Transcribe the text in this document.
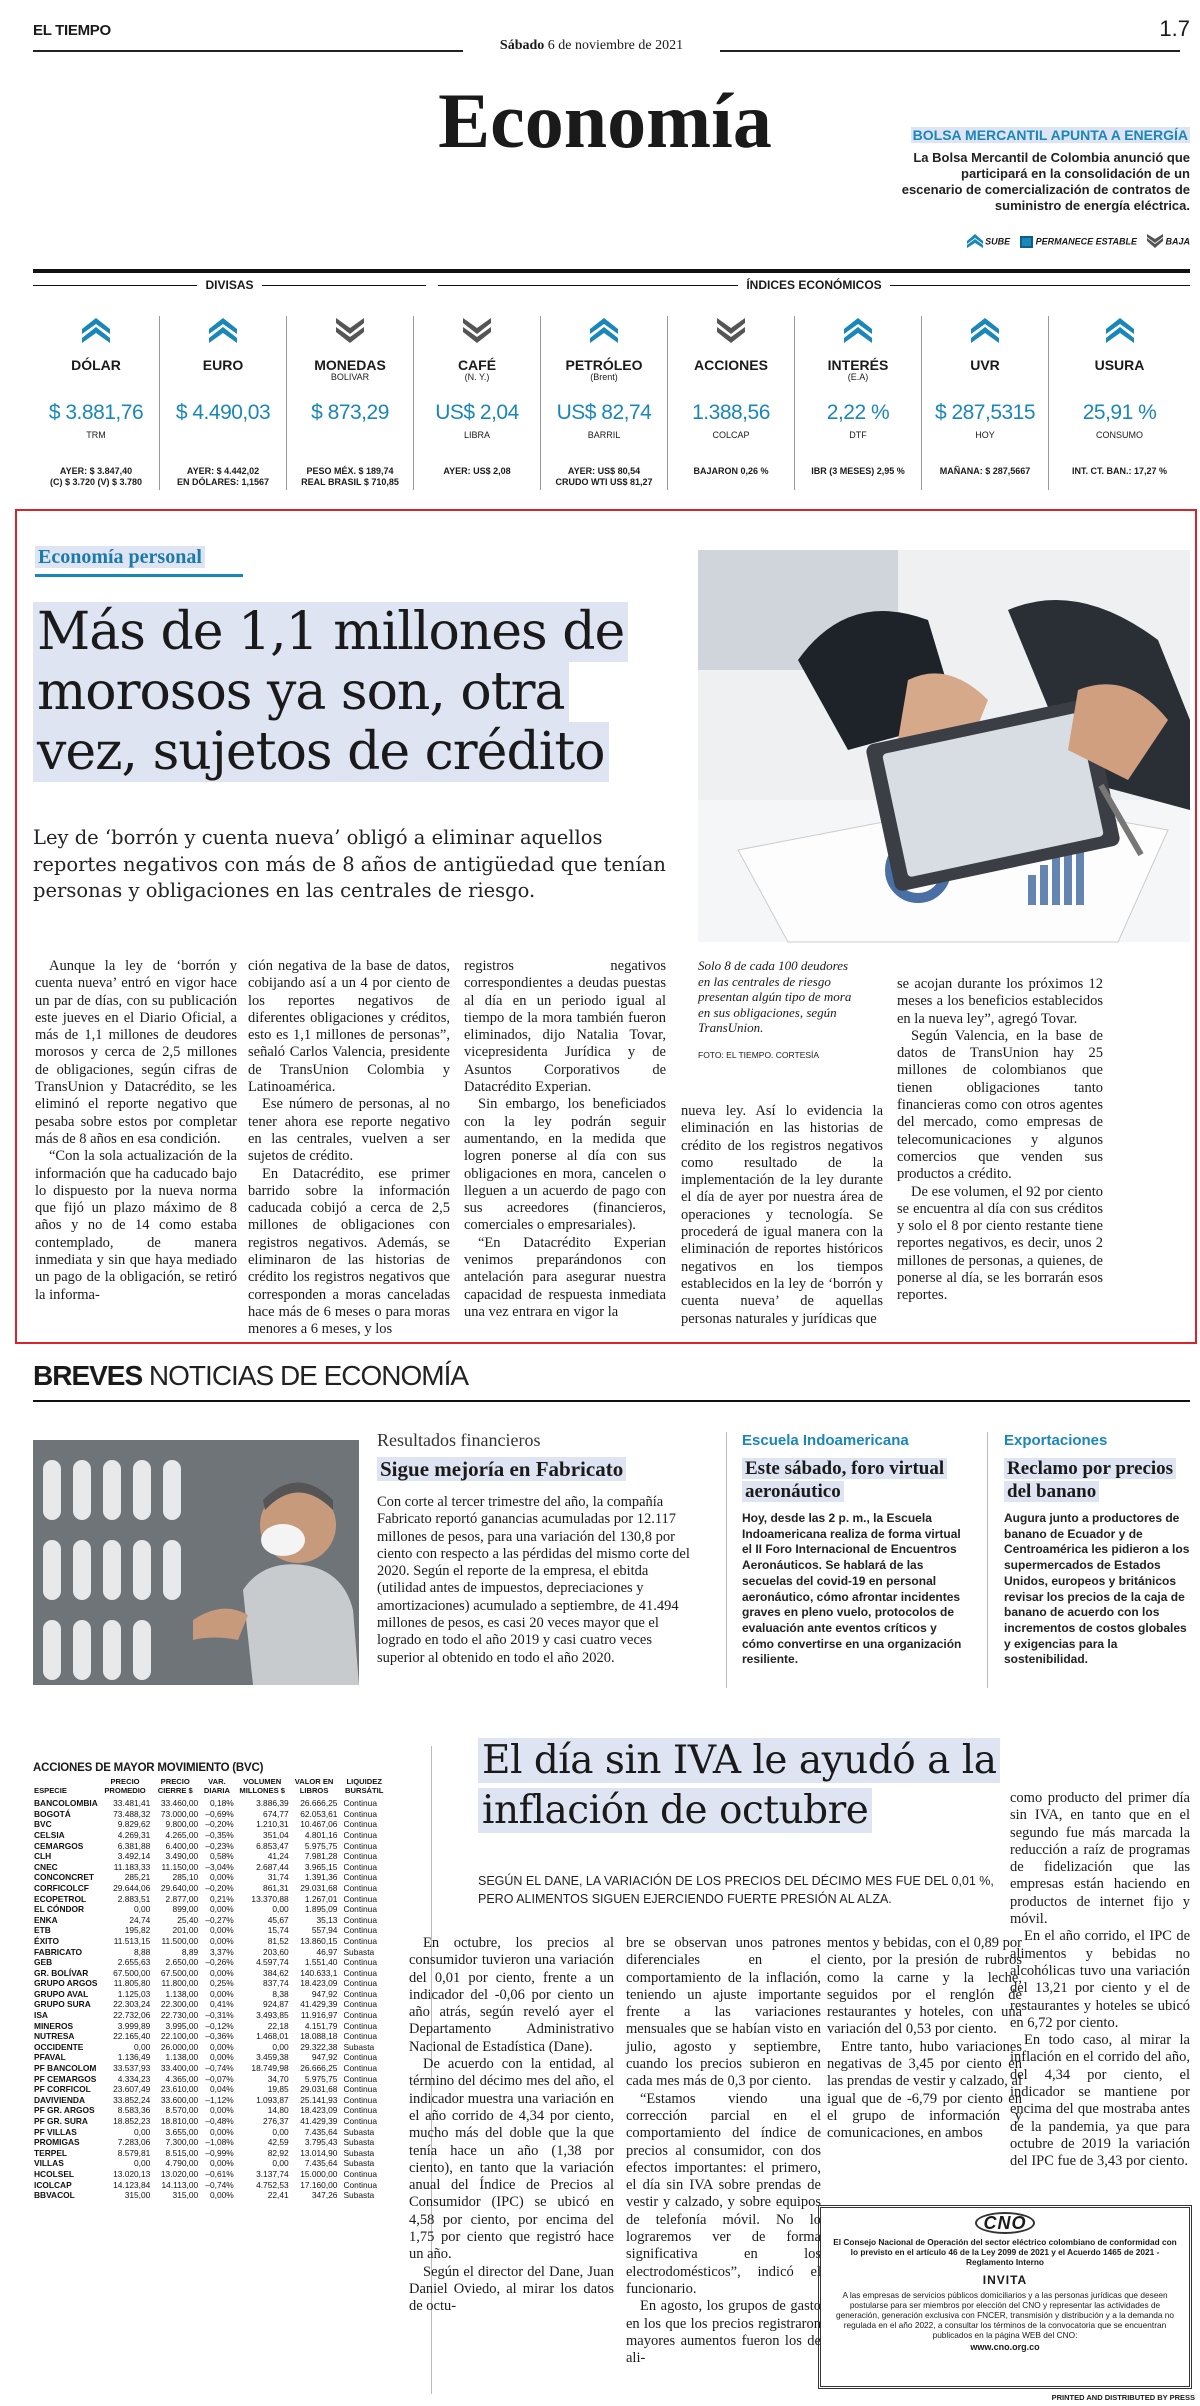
EL TIEMPO
Sábado 6 de noviembre de 2021
1.7
Economía	BOLSA MERCANTIL APUNTA A ENERGÍA
La Bolsa Mercantil de Colombia anunció que participará en la consolidación de un escenario de comercialización de contratos de suministro de energía eléctrica.
SUBE	PERMANECE ESTABLE	BAJA
DIVISAS	ÍNDICES ECONÓMICOS
DÓLAR
$ 3.881,76
TRM
AYER: $ 3.847,40
(C) $ 3.720 (V) $ 3.780
EURO
$ 4.490,03
AYER: $ 4.442,02
EN DÓLARES: 1,1567
MONEDAS
BOLIVAR
$ 873,29
PESO MÉX. $ 189,74
REAL BRASIL $ 710,85
CAFÉ
(N. Y.)
US$ 2,04
LIBRA
AYER: US$ 2,08
PETRÓLEO
(Brent)
US$ 82,74
BARRIL
AYER: US$ 80,54
CRUDO WTI US$ 81,27
ACCIONES
1.388,56
COLCAP
BAJARON 0,26 %
INTERÉS
(E.A)
2,22 %
DTF
IBR (3 MESES) 2,95 %
UVR
$ 287,5315
HOY
MAÑANA: $ 287,5667
USURA
25,91 %
CONSUMO
INT. CT. BAN.: 17,27 %
Economía personal
Más de 1,1 millones de morosos ya son, otra vez, sujetos de crédito
Ley de ‘borrón y cuenta nueva’ obligó a eliminar aquellos reportes negativos con más de 8 años de antigüedad que tenían personas y obligaciones en las centrales de riesgo.
Solo 8 de cada 100 deudores en las centrales de riesgo presentan algún tipo de mora en sus obligaciones, según TransUnion.
FOTO: EL TIEMPO. CORTESÍA

Aunque la ley de ‘borrón y cuenta nueva’ entró en vigor hace un par de días, con su publicación este jueves en el Diario Oficial, a más de 1,1 millones de deudores morosos y cerca de 2,5 millones de obligaciones, según cifras de TransUnion y Datacrédito, se les eliminó el reporte negativo que pesaba sobre estos por completar más de 8 años en esa condición.

“Con la sola actualización de la información que ha caducado bajo lo dispuesto por la nueva norma que fijó un plazo máximo de 8 años y no de 14 como estaba contemplado, de manera inmediata y sin que haya mediado un pago de la obligación, se retiró la informa-

ción negativa de la base de datos, cobijando así a un 4 por ciento de los reportes negativos de diferentes obligaciones y créditos, esto es 1,1 millones de personas”, señaló Carlos Valencia, presidente de TransUnion Colombia y Latinoamérica.

Ese número de personas, al no tener ahora ese reporte negativo en las centrales, vuelven a ser sujetos de crédito.

En Datacrédito, ese primer barrido sobre la información caducada cobijó a cerca de 2,5 millones de obligaciones con registros negativos. Además, se eliminaron de las historias de crédito los registros negativos que corresponden a moras canceladas hace más de 6 meses o para moras menores a 6 meses, y los

registros negativos correspondientes a deudas puestas al día en un periodo igual al tiempo de la mora también fueron eliminados, dijo Natalia Tovar, vicepresidenta Jurídica y de Asuntos Corporativos de Datacrédito Experian.

Sin embargo, los beneficiados con la ley podrán seguir aumentando, en la medida que logren ponerse al día con sus obligaciones en mora, cancelen o lleguen a un acuerdo de pago con sus acreedores (financieros, comerciales o empresariales).

“En Datacrédito Experian venimos preparándonos con antelación para asegurar nuestra capacidad de respuesta inmediata una vez entrara en vigor la

nueva ley. Así lo evidencia la eliminación en las historias de crédito de los registros negativos como resultado de la implementación de la ley durante el día de ayer por nuestra área de operaciones y tecnología. Se procederá de igual manera con la eliminación de reportes históricos negativos en los tiempos establecidos en la ley de ‘borrón y cuenta nueva’ de aquellas personas naturales y jurídicas que

se acojan durante los próximos 12 meses a los beneficios establecidos en la nueva ley”, agregó Tovar.

Según Valencia, en la base de datos de TransUnion hay 25 millones de colombianos que tienen obligaciones tanto financieras como con otros agentes del mercado, como empresas de telecomunicaciones y algunos comercios que venden sus productos a crédito.

De ese volumen, el 92 por ciento se encuentra al día con sus créditos y solo el 8 por ciento restante tiene reportes negativos, es decir, unos 2 millones de personas, a quienes, de ponerse al día, se les borrarán esos reportes.

BREVES NOTICIAS DE ECONOMÍA
Resultados financieros
Sigue mejoría en Fabricato
Con corte al tercer trimestre del año, la compañía Fabricato reportó ganancias acumuladas por 12.117 millones de pesos, para una variación del 130,8 por ciento con respecto a las pérdidas del mismo corte del 2020. Según el reporte de la empresa, el ebitda (utilidad antes de impuestos, depreciaciones y amortizaciones) acumulado a septiembre, de 41.494 millones de pesos, es casi 20 veces mayor que el logrado en todo el año 2019 y casi cuatro veces superior al obtenido en todo el año 2020.
Escuela Indoamericana
Este sábado, foro virtual aeronáutico
Hoy, desde las 2 p. m., la Escuela Indoamericana realiza de forma virtual el II Foro Internacional de Encuentros Aeronáuticos. Se hablará de las secuelas del covid-19 en personal aeronáutico, cómo afrontar incidentes graves en pleno vuelo, protocolos de evaluación ante eventos críticos y cómo convertirse en una organización resiliente.
Exportaciones
Reclamo por precios del banano
Augura junto a productores de banano de Ecuador y de Centroamérica les pidieron a los supermercados de Estados Unidos, europeos y británicos revisar los precios de la caja de banano de acuerdo con los incrementos de costos globales y exigencias para la sostenibilidad.
ACCIONES DE MAYOR MOVIMIENTO (BVC)
ESPECIE	PRECIO PROMEDIO	PRECIO CIERRE $	VAR. DIARIA	VOLUMEN MILLONES $	VALOR EN LIBROS	LIQUIDEZ BURSÁTIL
BANCOLOMBIA	33.481,41	33.460,00	0,18%	3.886,39	26.666,25	Continua
BOGOTÁ	73.488,32	73.000,00	–0,69%	674,77	62.053,61	Continua
BVC	9.829,62	9.800,00	–0,20%	1.210,31	10.467,06	Continua
CELSIA	4.269,31	4.265,00	–0,35%	351,04	4.801,16	Continua
CEMARGOS	6.381,88	6.400,00	–0,23%	6.853,47	5.975,75	Continua
CLH	3.492,14	3.490,00	0,58%	41,24	7.981,28	Continua
CNEC	11.183,33	11.150,00	–3,04%	2.687,44	3.965,15	Continua
CONCONCRET	285,21	285,10	0,00%	31,74	1.391,36	Continua
CORFICOLCF	29.644,06	29.640,00	–0,20%	861,31	29.031,68	Continua
ECOPETROL	2.883,51	2.877,00	0,21%	13.370,88	1.267,01	Continua
EL CÓNDOR	0,00	899,00	0,00%	0,00	1.895,09	Continua
ENKA	24,74	25,40	–0,27%	45,67	35,13	Continua
ETB	195,82	201,00	0,00%	15,74	557,94	Continua
ÉXITO	11.513,15	11.500,00	0,00%	81,52	13.860,15	Continua
FABRICATO	8,88	8,89	3,37%	203,60	46,97	Subasta
GEB	2.655,63	2.650,00	–0,26%	4.597,74	1.551,40	Continua
GR. BOLÍVAR	67.500,00	67.500,00	0,00%	384,62	140.633,1	Continua
GRUPO ARGOS	11.805,80	11.800,00	0,25%	837,74	18.423,09	Continua
GRUPO AVAL	1.125,03	1.138,00	0,00%	8,38	947,92	Continua
GRUPO SURA	22.303,24	22.300,00	0,41%	924,87	41.429,39	Continua
ISA	22.732,06	22.730,00	–0,31%	3.493,85	11.916,97	Continua
MINEROS	3.999,89	3.995,00	–0,12%	22,18	4.151,79	Continua
NUTRESA	22.165,40	22.100,00	–0,36%	1.468,01	18.088,18	Continua
OCCIDENTE	0,00	26.000,00	0,00%	0,00	29.322,38	Subasta
PFAVAL	1.136,49	1.138,00	0,00%	3.459,38	947,92	Continua
PF BANCOLOM	33.537,93	33.400,00	–0,74%	18.749,98	26.666,25	Continua
PF CEMARGOS	4.334,23	4.365,00	–0,07%	34,70	5.975,75	Continua
PF CORFICOL	23.607,49	23.610,00	0,04%	19,85	29.031,68	Continua
DAVIVIENDA	33.852,24	33.600,00	–1,12%	1.093,87	25.141,93	Continua
PF GR. ARGOS	8.583,36	8.570,00	0,00%	14,80	18.423,09	Continua
PF GR. SURA	18.852,23	18.810,00	–0,48%	276,37	41.429,39	Continua
PF VILLAS	0,00	3.655,00	0,00%	0,00	7.435,64	Subasta
PROMIGAS	7.283,06	7.300,00	–1,08%	42,59	3.795,43	Subasta
TERPEL	8.579,81	8.515,00	–0,99%	82,92	13.014,90	Subasta
VILLAS	0,00	4.790,00	0,00%	0,00	7.435,64	Subasta
HCOLSEL	13.020,13	13.020,00	–0,61%	3.137,74	15.000,00	Continua
ICOLCAP	14.123,84	14.113,00	–0,74%	4.752,53	17.160,00	Continua
BBVACOL	315,00	315,00	0,00%	22,41	347,26	Subasta
El día sin IVA le ayudó a la inflación de octubre
SEGÚN EL DANE, LA VARIACIÓN DE LOS PRECIOS DEL DÉCIMO MES FUE DEL 0,01 %, PERO ALIMENTOS SIGUEN EJERCIENDO FUERTE PRESIÓN AL ALZA.

En octubre, los precios al consumidor tuvieron una variación del 0,01 por ciento, frente a un indicador del -0,06 por ciento un año atrás, según reveló ayer el Departamento Administrativo Nacional de Estadística (Dane).

De acuerdo con la entidad, al término del décimo mes del año, el indicador muestra una variación en el año corrido de 4,34 por ciento, mucho más del doble que la que tenía hace un año (1,38 por ciento), en tanto que la variación anual del Índice de Precios al Consumidor (IPC) se ubicó en 4,58 por ciento, por encima del 1,75 por ciento que registró hace un año.

Según el director del Dane, Juan Daniel Oviedo, al mirar los datos de octu-

bre se observan unos patrones diferenciales en el comportamiento de la inflación, teniendo un ajuste importante frente a las variaciones mensuales que se habían visto en julio, agosto y septiembre, cuando los precios subieron en cada mes más de 0,3 por ciento.

“Estamos viendo una corrección parcial en el comportamiento del índice de precios al consumidor, con dos efectos importantes: el primero, el día sin IVA sobre prendas de vestir y calzado, y sobre equipos de telefonía móvil. No lo lograremos ver de forma significativa en los electrodomésticos”, indicó el funcionario.

En agosto, los grupos de gasto en los que los precios registraron mayores aumentos fueron los de ali-

mentos y bebidas, con el 0,89 por ciento, por la presión de rubros como la carne y la leche, seguidos por el renglón de restaurantes y hoteles, con una variación del 0,53 por ciento.

Entre tanto, hubo variaciones negativas de 3,45 por ciento en las prendas de vestir y calzado, al igual que de -6,79 por ciento en el grupo de información y comunicaciones, en ambos

como producto del primer día sin IVA, en tanto que en el segundo fue más marcada la reducción a raíz de programas de fidelización que las empresas están haciendo en productos de internet fijo y móvil.

En el año corrido, el IPC de alimentos y bebidas no alcohólicas tuvo una variación del 13,21 por ciento y el de restaurantes y hoteles se ubicó en 6,72 por ciento.

En todo caso, al mirar la inflación en el corrido del año, del 4,34 por ciento, el indicador se mantiene por encima del que mostraba antes de la pandemia, ya que para octubre de 2019 la variación del IPC fue de 3,43 por ciento.

CNO
El Consejo Nacional de Operación del sector eléctrico colombiano de conformidad con lo previsto en el artículo 46 de la Ley 2099 de 2021 y el Acuerdo 1465 de 2021 - Reglamento Interno
INVITA
A las empresas de servicios públicos domiciliarios y a las personas jurídicas que deseen postularse para ser miembros por elección del CNO y representar las actividades de generación, generación exclusiva con FNCER, transmisión y distribución y a la demanda no regulada en el año 2022, a consultar los términos de la convocatoria que se encuentran publicados en la página WEB del CNO:
www.cno.org.co
PRINTED AND DISTRIBUTED BY PRESS
